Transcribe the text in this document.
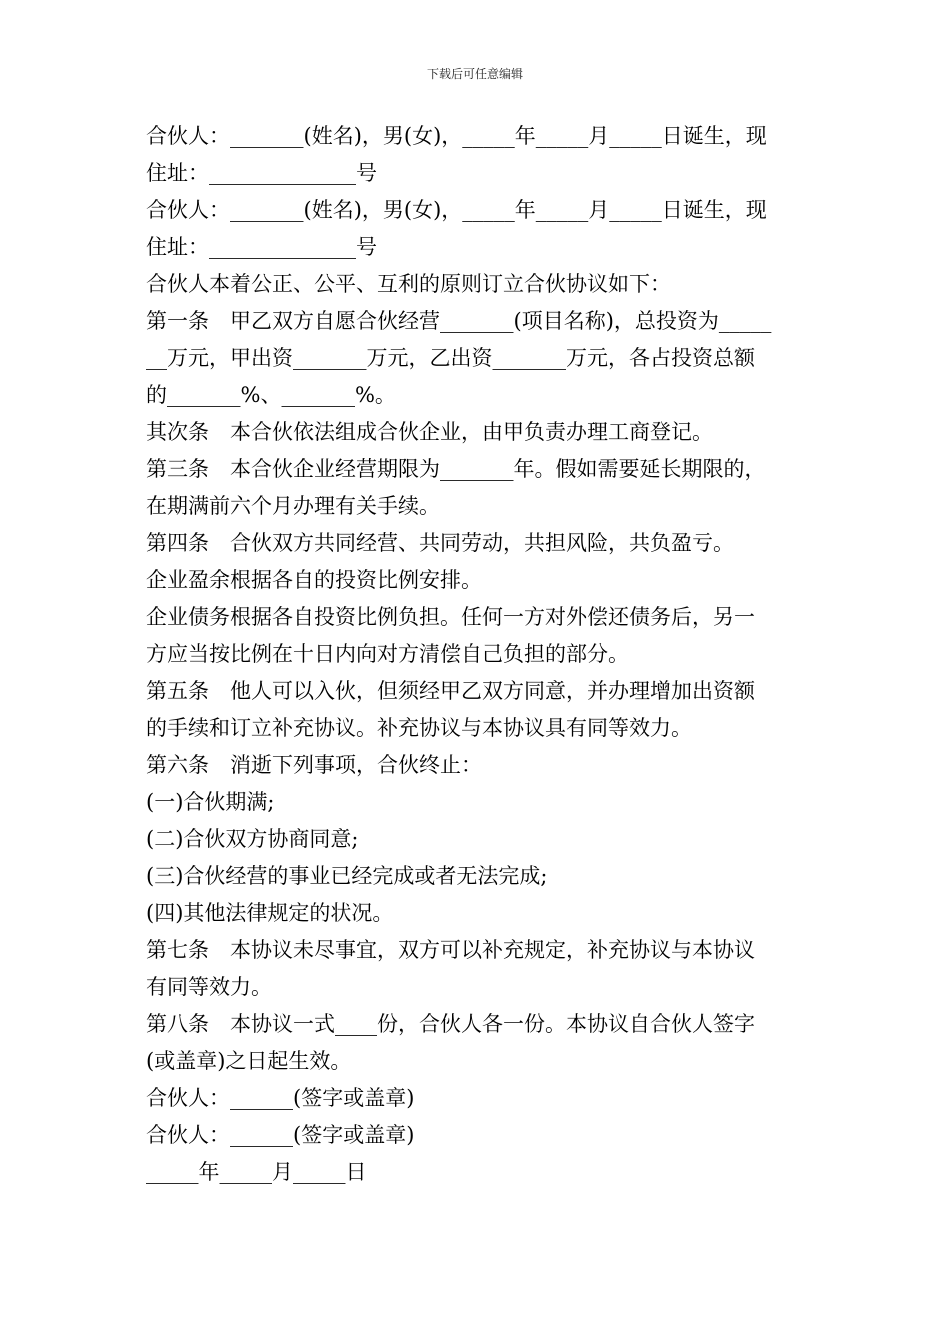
下载后可任意编辑
合伙人：_______(姓名)，男(女)，_____年_____月_____日诞生，现
住址：______________号
合伙人：_______(姓名)，男(女)，_____年_____月_____日诞生，现
住址：______________号
合伙人本着公正、公平、互利的原则订立合伙协议如下：
第一条　甲乙双方自愿合伙经营_______(项目名称)，总投资为_____
__万元，甲出资_______万元，乙出资_______万元，各占投资总额
的_______%、_______%。
其次条　本合伙依法组成合伙企业，由甲负责办理工商登记。
第三条　本合伙企业经营期限为_______年。假如需要延长期限的，
在期满前六个月办理有关手续。
第四条　合伙双方共同经营、共同劳动，共担风险，共负盈亏。
企业盈余根据各自的投资比例安排。
企业债务根据各自投资比例负担。任何一方对外偿还债务后，另一
方应当按比例在十日内向对方清偿自己负担的部分。
第五条　他人可以入伙，但须经甲乙双方同意，并办理增加出资额
的手续和订立补充协议。补充协议与本协议具有同等效力。
第六条　消逝下列事项，合伙终止：
(一)合伙期满;
(二)合伙双方协商同意;
(三)合伙经营的事业已经完成或者无法完成;
(四)其他法律规定的状况。
第七条　本协议未尽事宜，双方可以补充规定，补充协议与本协议
有同等效力。
第八条　本协议一式____份，合伙人各一份。本协议自合伙人签字
(或盖章)之日起生效。
合伙人：______(签字或盖章)
合伙人：______(签字或盖章)
_____年_____月_____日
